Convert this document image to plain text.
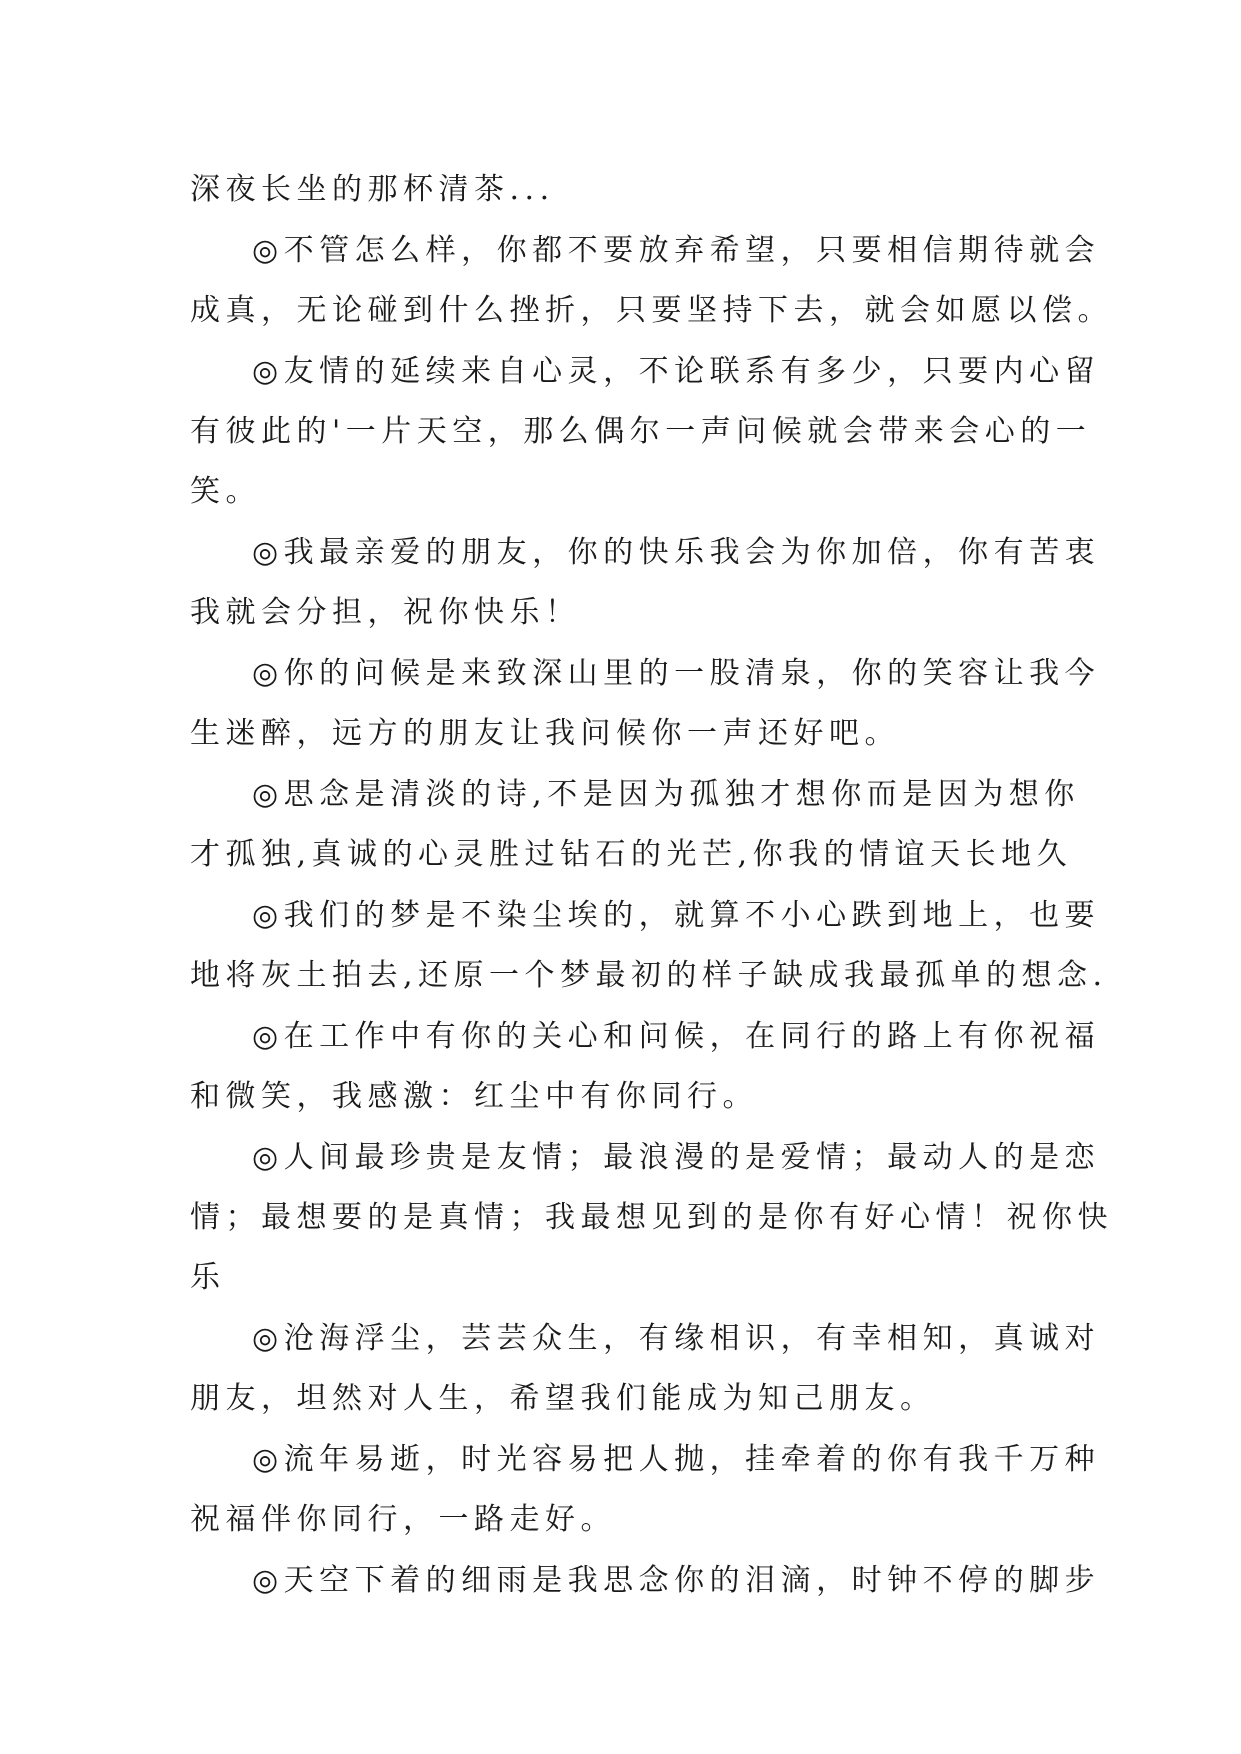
深夜长坐的那杯清茶...
◎不管怎么样，你都不要放弃希望，只要相信期待就会
成真，无论碰到什么挫折，只要坚持下去，就会如愿以偿。
◎友情的延续来自心灵，不论联系有多少，只要内心留
有彼此的'一片天空，那么偶尔一声问候就会带来会心的一
笑。
◎我最亲爱的朋友，你的快乐我会为你加倍，你有苦衷
我就会分担，祝你快乐！
◎你的问候是来致深山里的一股清泉，你的笑容让我今
生迷醉，远方的朋友让我问候你一声还好吧。
◎思念是清淡的诗,不是因为孤独才想你而是因为想你
才孤独,真诚的心灵胜过钻石的光芒,你我的情谊天长地久
◎我们的梦是不染尘埃的，就算不小心跌到地上，也要
地将灰土拍去,还原一个梦最初的样子缺成我最孤单的想念.
◎在工作中有你的关心和问候，在同行的路上有你祝福
和微笑，我感激：红尘中有你同行。
◎人间最珍贵是友情；最浪漫的是爱情；最动人的是恋
情；最想要的是真情；我最想见到的是你有好心情！祝你快
乐
◎沧海浮尘，芸芸众生，有缘相识，有幸相知，真诚对
朋友，坦然对人生，希望我们能成为知己朋友。
◎流年易逝，时光容易把人抛，挂牵着的你有我千万种
祝福伴你同行，一路走好。
◎天空下着的细雨是我思念你的泪滴，时钟不停的脚步
